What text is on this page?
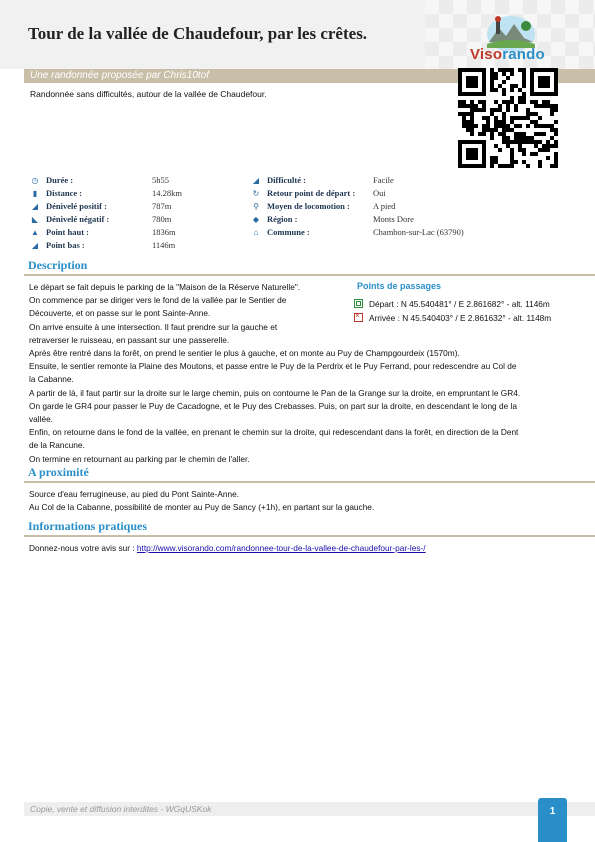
Tour de la vallée de Chaudefour, par les crêtes.
Visorando
Une randonnée proposée par Chris10tof
Randonnée sans difficultés, autour de la vallée de Chaudefour.
◷ Durée :	5h55
▮	Distance :	14.28km
◢ Dénivelé positif :	787m
◣ Dénivelé négatif :	780m
▲ Point haut :	1836m
◢ Point bas :	1146m
◢ Difficulté :	Facile
↻ Retour point de départ : Oui
⚲ Moyen de locomotion :	A pied
◆ Région :	Monts Dore
⌂	Commune :	Chambon-sur-Lac (63790)
Description
Le départ se fait depuis le parking de la "Maison de la Réserve Naturelle".
On commence par se diriger vers le fond de la vallée par le Sentier de
Découverte, et on passe sur le pont Sainte-Anne.
On arrive ensuite à une intersection. Il faut prendre sur la gauche et
retraverser le ruisseau, en passant sur une passerelle.
Points de passages
Départ : N 45.540481° / E 2.861682° - alt. 1146m
×Arrivée : N 45.540403° / E 2.861632° - alt. 1148m
Après être rentré dans la forêt, on prend le sentier le plus à gauche, et on monte au Puy de Champgourdeix (1570m).
Ensuite, le sentier remonte la Plaine des Moutons, et passe entre le Puy de la Perdrix et le Puy Ferrand, pour redescendre au Col de
la Cabanne.
A partir de là, il faut partir sur la droite sur le large chemin, puis on contourne le Pan de la Grange sur la droite, en empruntant le GR4.
On garde le GR4 pour passer le Puy de Cacadogne, et le Puy des Crebasses. Puis, on part sur la droite, en descendant le long de la
vallée.
Enfin, on retourne dans le fond de la vallée, en prenant le chemin sur la droite, qui redescendant dans la forêt, en direction de la Dent
de la Rancune.
On termine en retournant au parking par le chemin de l'aller.
A proximité
Source d'eau ferrugineuse, au pied du Pont Sainte-Anne.
Au Col de la Cabanne, possibilité de monter au Puy de Sancy (+1h), en partant sur la gauche.
Informations pratiques
Donnez-nous votre avis sur : http://www.visorando.com/randonnee-tour-de-la-vallee-de-chaudefour-par-les-/
Copie, vente et diffusion interdites - WGqUSKok	1
